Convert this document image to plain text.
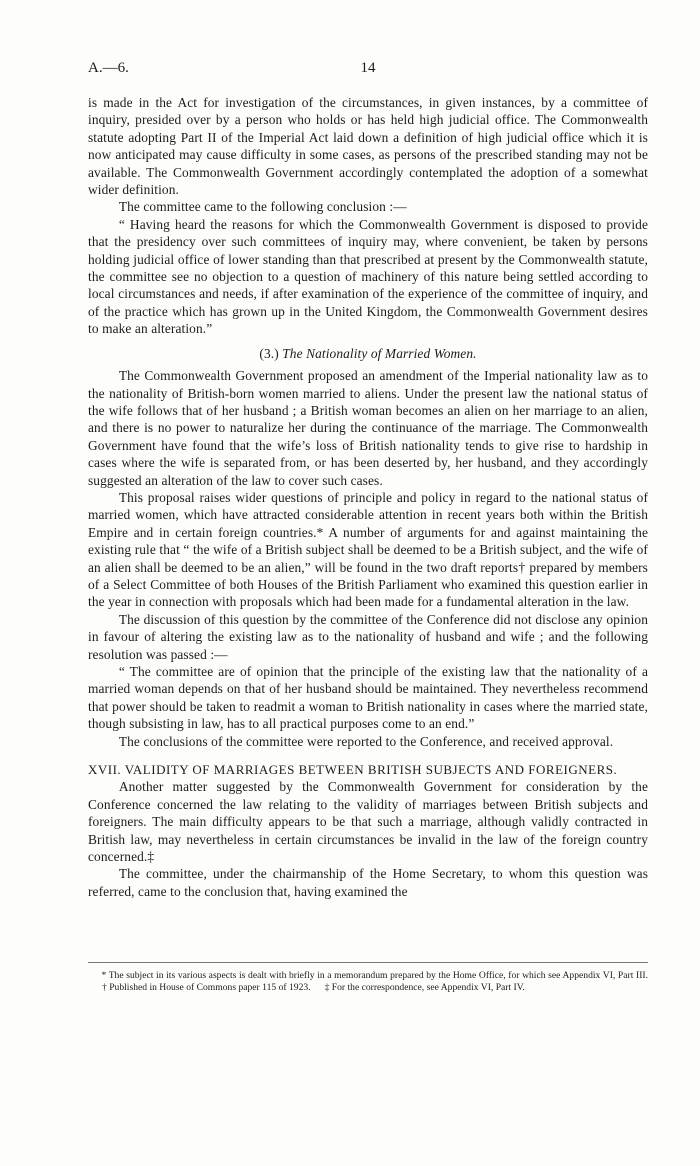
A.—6.	14

is made in the Act for investigation of the circumstances, in given instances, by a committee of inquiry, presided over by a person who holds or has held high judicial office. The Commonwealth statute adopting Part II of the Imperial Act laid down a definition of high judicial office which it is now anticipated may cause difficulty in some cases, as persons of the prescribed standing may not be available. The Commonwealth Government accordingly contemplated the adoption of a somewhat wider definition.

The committee came to the following conclusion :—

“ Having heard the reasons for which the Commonwealth Government is disposed to provide that the presidency over such committees of inquiry may, where convenient, be taken by persons holding judicial office of lower standing than that prescribed at present by the Commonwealth statute, the committee see no objection to a question of machinery of this nature being settled according to local circumstances and needs, if after examination of the experience of the committee of inquiry, and of the practice which has grown up in the United Kingdom, the Commonwealth Government desires to make an alteration.”

(3.) The Nationality of Married Women.

The Commonwealth Government proposed an amendment of the Imperial nationality law as to the nationality of British-born women married to aliens. Under the present law the national status of the wife follows that of her husband ; a British woman becomes an alien on her marriage to an alien, and there is no power to naturalize her during the continuance of the marriage. The Commonwealth Government have found that the wife’s loss of British nationality tends to give rise to hardship in cases where the wife is separated from, or has been deserted by, her husband, and they accordingly suggested an alteration of the law to cover such cases.

This proposal raises wider questions of principle and policy in regard to the national status of married women, which have attracted considerable attention in recent years both within the British Empire and in certain foreign countries.* A number of arguments for and against maintaining the existing rule that “ the wife of a British subject shall be deemed to be a British subject, and the wife of an alien shall be deemed to be an alien,” will be found in the two draft reports† prepared by members of a Select Committee of both Houses of the British Parliament who examined this question earlier in the year in connection with proposals which had been made for a fundamental alteration in the law.

The discussion of this question by the committee of the Conference did not disclose any opinion in favour of altering the existing law as to the nationality of husband and wife ; and the following resolution was passed :—

“ The committee are of opinion that the principle of the existing law that the nationality of a married woman depends on that of her husband should be maintained. They nevertheless recommend that power should be taken to readmit a woman to British nationality in cases where the married state, though subsisting in law, has to all practical purposes come to an end.”

The conclusions of the committee were reported to the Conference, and received approval.

XVII. VALIDITY OF MARRIAGES BETWEEN BRITISH SUBJECTS AND FOREIGNERS.

Another matter suggested by the Commonwealth Government for consideration by the Conference concerned the law relating to the validity of marriages between British subjects and foreigners. The main difficulty appears to be that such a marriage, although validly contracted in British law, may nevertheless in certain circumstances be invalid in the law of the foreign country concerned.‡

The committee, under the chairmanship of the Home Secretary, to whom this question was referred, came to the conclusion that, having examined the

* The subject in its various aspects is dealt with briefly in a memorandum prepared by the Home Office, for which see Appendix VI, Part III.† Published in House of Commons paper 115 of 1923. ‡ For the correspondence, see Appendix VI, Part IV.
